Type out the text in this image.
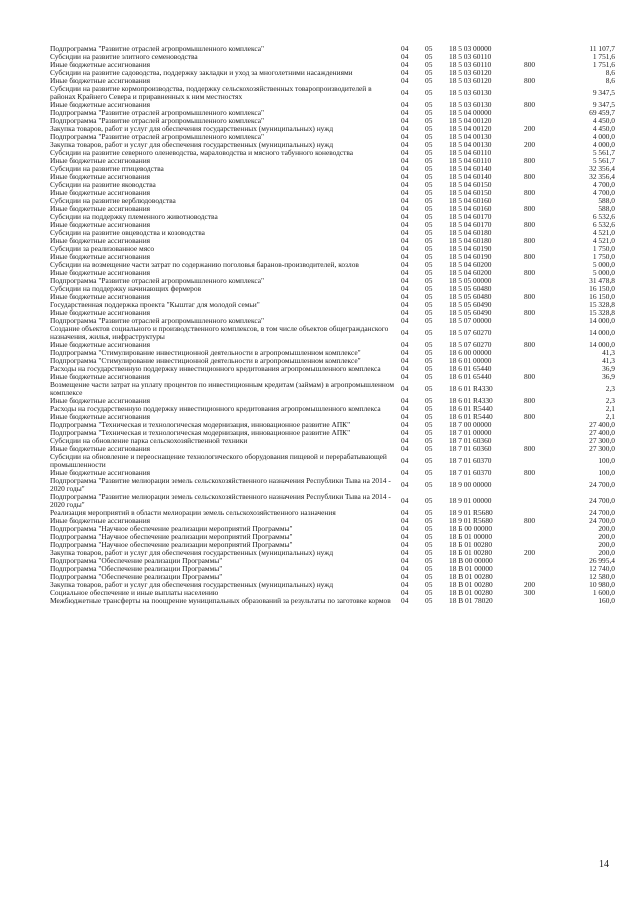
Подпрограмма "Развитие отраслей агропромышленного комплекса"	04	05	18 5 03 00000		11 107,7
Субсидии на развитие элитного семеноводства	04	05	18 5 03 60110		1 751,6
Иные бюджетные ассигнования	04	05	18 5 03 60110	800	1 751,6
Субсидии на развитие садоводства, поддержку закладки и уход за многолетними насаждениями	04	05	18 5 03 60120		8,6
Иные бюджетные ассигнования	04	05	18 5 03 60120	800	8,6
Субсидии на развитие кормопроизводства, поддержку сельскохозяйственных товаропроизводителей в районах Крайнего Севера и приравненных к ним местностях	04	05	18 5 03 60130		9 347,5
Иные бюджетные ассигнования	04	05	18 5 03 60130	800	9 347,5
Подпрограмма "Развитие отраслей агропромышленного комплекса"	04	05	18 5 04 00000		69 459,7
Подпрограмма "Развитие отраслей агропромышленного комплекса"	04	05	18 5 04 00120		4 450,0
Закупка товаров, работ и услуг для обеспечения государственных (муниципальных) нужд	04	05	18 5 04 00120	200	4 450,0
Подпрограмма "Развитие отраслей агропромышленного комплекса"	04	05	18 5 04 00130		4 000,0
Закупка товаров, работ и услуг для обеспечения государственных (муниципальных) нужд	04	05	18 5 04 00130	200	4 000,0
Субсидии на развитие северного оленеводства, мараловодства и мясного табунного коневодства	04	05	18 5 04 60110		5 561,7
Иные бюджетные ассигнования	04	05	18 5 04 60110	800	5 561,7
Субсидии на развитие птицеводства	04	05	18 5 04 60140		32 356,4
Иные бюджетные ассигнования	04	05	18 5 04 60140	800	32 356,4
Субсидии на развитие яководства	04	05	18 5 04 60150		4 700,0
Иные бюджетные ассигнования	04	05	18 5 04 60150	800	4 700,0
Субсидии на развитие верблюдоводства	04	05	18 5 04 60160		588,0
Иные бюджетные ассигнования	04	05	18 5 04 60160	800	588,0
Субсидии на поддержку племенного животноводства	04	05	18 5 04 60170		6 532,6
Иные бюджетные ассигнования	04	05	18 5 04 60170	800	6 532,6
Субсидии на развитие овцеводства и козоводства	04	05	18 5 04 60180		4 521,0
Иные бюджетные ассигнования	04	05	18 5 04 60180	800	4 521,0
Субсидии за реализованное мясо	04	05	18 5 04 60190		1 750,0
Иные бюджетные ассигнования	04	05	18 5 04 60190	800	1 750,0
Субсидии на возмещение части затрат по содержанию поголовья баранов-производителей, козлов	04	05	18 5 04 60200		5 000,0
Иные бюджетные ассигнования	04	05	18 5 04 60200	800	5 000,0
Подпрограмма "Развитие отраслей агропромышленного комплекса"	04	05	18 5 05 00000		31 478,8
Субсидии на поддержку начинающих фермеров	04	05	18 5 05 60480		16 150,0
Иные бюджетные ассигнования	04	05	18 5 05 60480	800	16 150,0
Государственная поддержка проекта "Кыштаг для молодой семьи"	04	05	18 5 05 60490		15 328,8
Иные бюджетные ассигнования	04	05	18 5 05 60490	800	15 328,8
Подпрограмма "Развитие отраслей агропромышленного комплекса"	04	05	18 5 07 00000		14 000,0
Создание объектов социального и производственного комплексов, в том числе объектов общегражданского назначения, жилья, инфраструктуры	04	05	18 5 07 60270		14 000,0
Иные бюджетные ассигнования	04	05	18 5 07 60270	800	14 000,0
Подпрограмма "Стимулирование инвестиционной деятельности в агропромышленном комплексе"	04	05	18 6 00 00000		41,3
Подпрограмма "Стимулирование инвестиционной деятельности в агропромышленном комплексе"	04	05	18 6 01 00000		41,3
Расходы на государственную поддержку инвестиционного кредитования агропромышленного комплекса	04	05	18 6 01 65440		36,9
Иные бюджетные ассигнования	04	05	18 6 01 65440	800	36,9
Возмещение части затрат на уплату процентов по инвестиционным кредитам (займам) в агропромышленном комплексе	04	05	18 6 01 R4330		2,3
Иные бюджетные ассигнования	04	05	18 6 01 R4330	800	2,3
Расходы на государственную поддержку инвестиционного кредитования агропромышленного комплекса	04	05	18 6 01 R5440		2,1
Иные бюджетные ассигнования	04	05	18 6 01 R5440	800	2,1
Подпрограмма "Техническая и технологическая модернизация, инновационное развитие АПК"	04	05	18 7 00 00000		27 400,0
Подпрограмма "Техническая и технологическая модернизация, инновационное развитие АПК"	04	05	18 7 01 00000		27 400,0
Субсидии на обновление парка сельскохозяйственной техники	04	05	18 7 01 60360		27 300,0
Иные бюджетные ассигнования	04	05	18 7 01 60360	800	27 300,0
Субсидии на обновление и переоснащение технологического оборудования пищевой и перерабатывающей промышленности	04	05	18 7 01 60370		100,0
Иные бюджетные ассигнования	04	05	18 7 01 60370	800	100,0
Подпрограмма "Развитие мелиорации земель сельскохозяйственного назначения Республики Тыва на 2014 - 2020 годы"	04	05	18 9 00 00000		24 700,0
Подпрограмма "Развитие мелиорации земель сельскохозяйственного назначения Республики Тыва на 2014 - 2020 годы"	04	05	18 9 01 00000		24 700,0
Реализация мероприятий в области мелиорации земель сельскохозяйственного назначения	04	05	18 9 01 R5680		24 700,0
Иные бюджетные ассигнования	04	05	18 9 01 R5680	800	24 700,0
Подпрограмма "Научное обеспечение реализации мероприятий Программы"	04	05	18 Б 00 00000		200,0
Подпрограмма "Научное обеспечение реализации мероприятий Программы"	04	05	18 Б 01 00000		200,0
Подпрограмма "Научное обеспечение реализации мероприятий Программы"	04	05	18 Б 01 00280		200,0
Закупка товаров, работ и услуг для обеспечения государственных (муниципальных) нужд	04	05	18 Б 01 00280	200	200,0
Подпрограмма "Обеспечение реализации Программы"	04	05	18 В 00 00000		26 995,4
Подпрограмма "Обеспечение реализации Программы"	04	05	18 В 01 00000		12 740,0
Подпрограмма "Обеспечение реализации Программы"	04	05	18 В 01 00280		12 580,0
Закупка товаров, работ и услуг для обеспечения государственных (муниципальных) нужд	04	05	18 В 01 00280	200	10 980,0
Социальное обеспечение и иные выплаты населению	04	05	18 В 01 00280	300	1 600,0
Межбюджетные трансферты на поощрение муниципальных образований за результаты по заготовке кормов	04	05	18 В 01 78020		160,0
14
